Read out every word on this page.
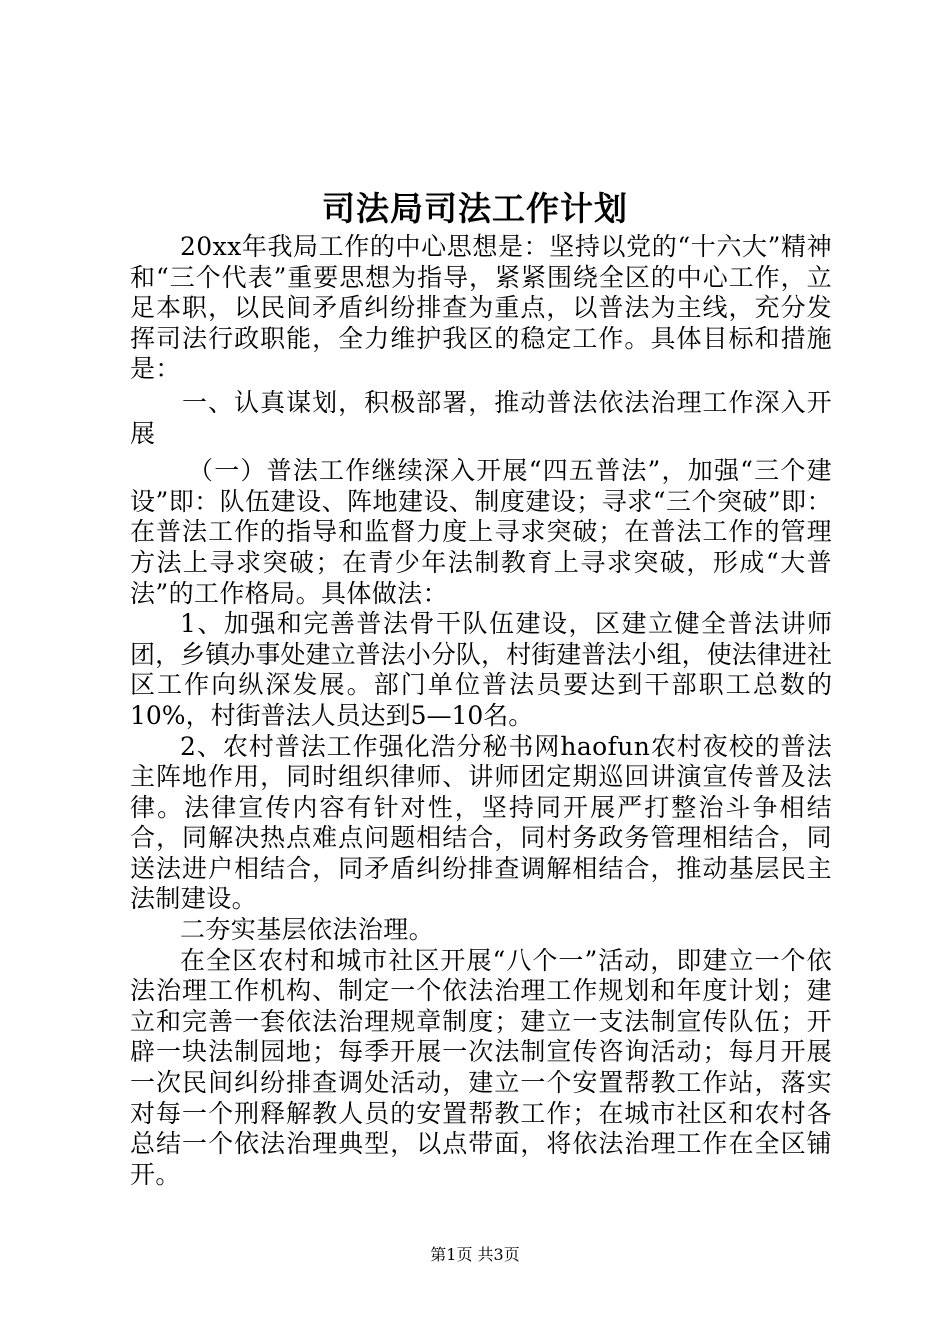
司法局司法工作计划

20xx年我局工作的中心思想是：坚持以党的“十六大”精神和“三个代表”重要思想为指导，紧紧围绕全区的中心工作，立足本职，以民间矛盾纠纷排查为重点，以普法为主线，充分发挥司法行政职能，全力维护我区的稳定工作。具体目标和措施是：

一、认真谋划，积极部署，推动普法依法治理工作深入开展

（一）普法工作继续深入开展“四五普法”，加强“三个建设”即：队伍建设、阵地建设、制度建设；寻求“三个突破”即：在普法工作的指导和监督力度上寻求突破；在普法工作的管理方法上寻求突破；在青少年法制教育上寻求突破，形成“大普法”的工作格局。具体做法：

1、加强和完善普法骨干队伍建设，区建立健全普法讲师团，乡镇办事处建立普法小分队，村街建普法小组，使法律进社区工作向纵深发展。部门单位普法员要达到干部职工总数的10%，村街普法人员达到5—10名。

2、农村普法工作强化浩分秘书网haofun农村夜校的普法主阵地作用，同时组织律师、讲师团定期巡回讲演宣传普及法律。法律宣传内容有针对性，坚持同开展严打整治斗争相结合，同解决热点难点问题相结合，同村务政务管理相结合，同送法进户相结合，同矛盾纠纷排查调解相结合，推动基层民主法制建设。

二夯实基层依法治理。

在全区农村和城市社区开展“八个一”活动，即建立一个依法治理工作机构、制定一个依法治理工作规划和年度计划；建立和完善一套依法治理规章制度；建立一支法制宣传队伍；开辟一块法制园地；每季开展一次法制宣传咨询活动；每月开展一次民间纠纷排查调处活动，建立一个安置帮教工作站，落实对每一个刑释解教人员的安置帮教工作；在城市社区和农村各总结一个依法治理典型，以点带面，将依法治理工作在全区铺开。

第1页 共3页
